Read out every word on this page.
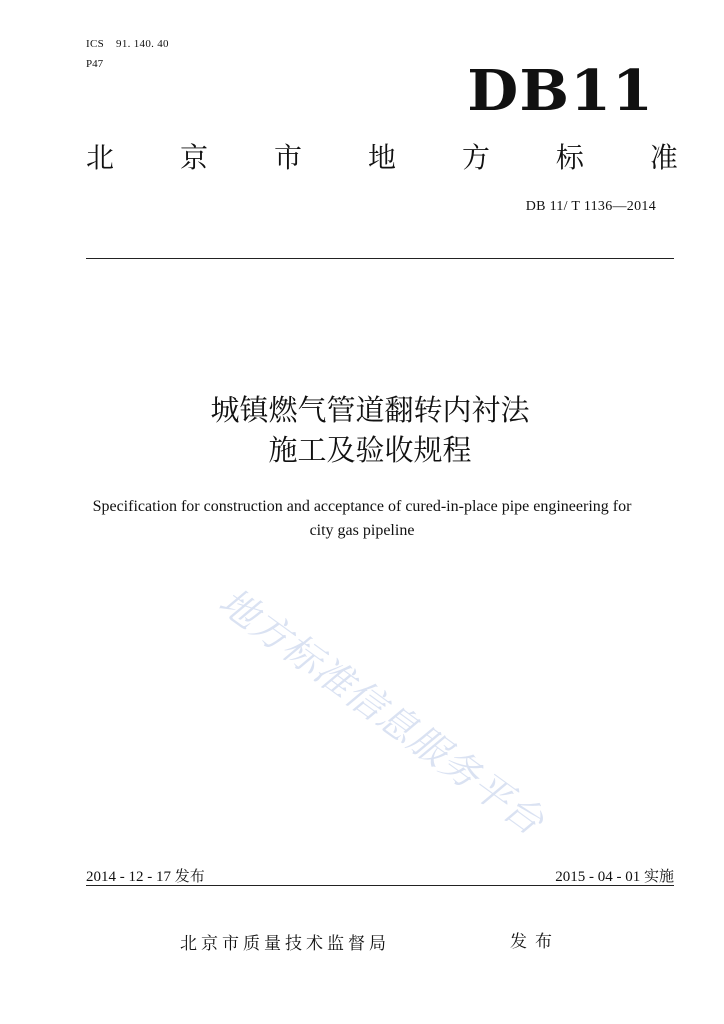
ICS 91. 140. 40
P47	DB11
北 京 市 地 方 标 准
DB 11/ T 1136—2014
城镇燃气管道翻转内衬法
施工及验收规程
Specification for construction and acceptance of cured-in-place pipe engineering for
city gas pipeline
地方标准信息服务平台
2014 - 12 - 17 发布	2015 - 04 - 01 实施
北京市质量技术监督局	发布
